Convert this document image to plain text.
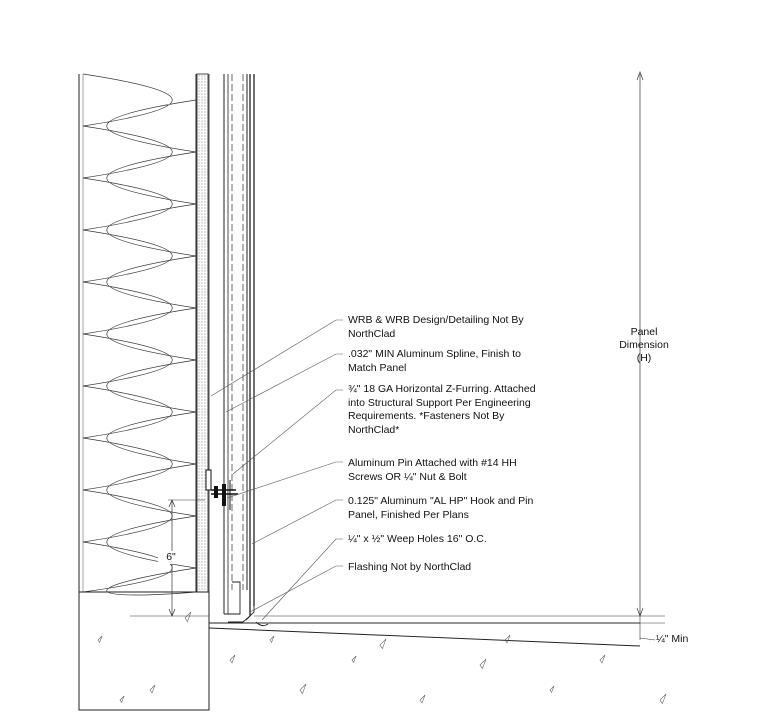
WRB & WRB Design/Detailing Not By
NorthClad
.032" MIN Aluminum Spline, Finish to
Match Panel
¾" 18 GA Horizontal Z-Furring. Attached
into Structural Support Per Engineering
Requirements. *Fasteners Not By
NorthClad*
Aluminum Pin Attached with #14 HH
Screws OR ¼" Nut & Bolt
0.125" Aluminum "AL HP" Hook and Pin
Panel, Finished Per Plans
¼" x ½" Weep Holes 16" O.C.
Flashing Not by NorthClad
Panel
Dimension
(H)
6"
¼" Min
